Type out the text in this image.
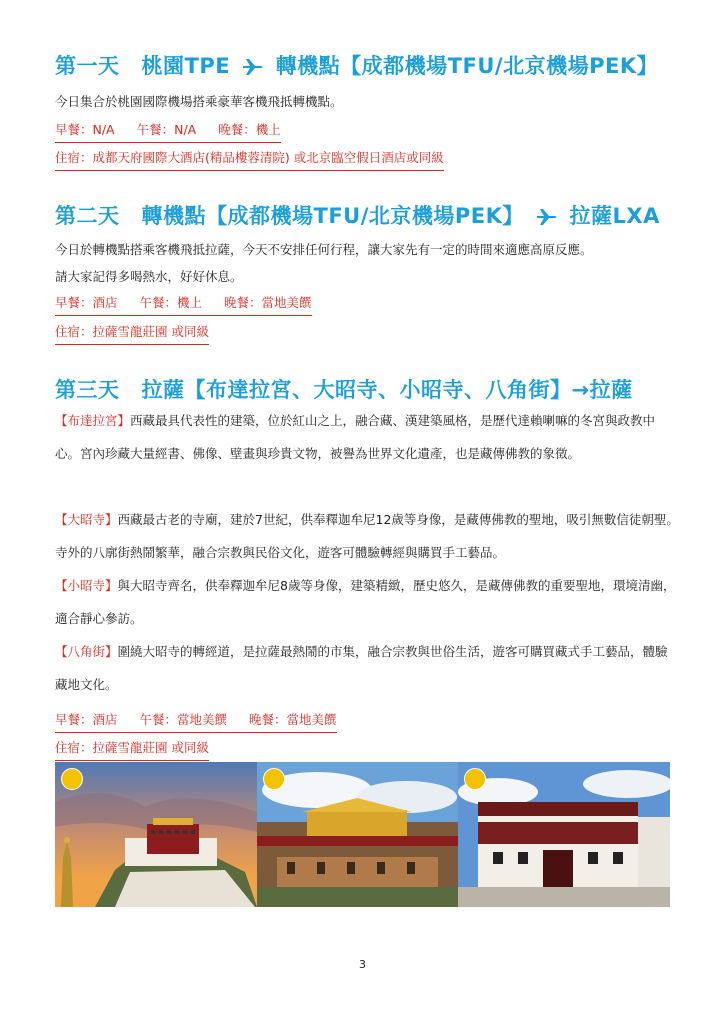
第一天 桃園TPE 轉機點【成都機場TFU/北京機場PEK】

今日集合於桃園國際機場搭乘豪華客機飛抵轉機點。

早餐：N/A 午餐：N/A 晚餐：機上

住宿：成都天府國際大酒店(精品樓蓉清院) 或北京臨空假日酒店或同級

第二天 轉機點【成都機場TFU/北京機場PEK】 拉薩LXA
今日於轉機點搭乘客機飛抵拉薩，今天不安排任何行程，讓大家先有一定的時間來適應高原反應。
請大家記得多喝熱水，好好休息。

早餐：酒店 午餐：機上 晚餐：當地美饌

住宿：拉薩雪龍莊園 或同級

第三天 拉薩【布達拉宮、大昭寺、小昭寺、八角街】→拉薩
【布達拉宮】西藏最具代表性的建築，位於紅山之上，融合藏、漢建築風格，是歷代達賴喇嘛的冬宮與政教中心。宮內珍藏大量經書、佛像、壁畫與珍貴文物，被譽為世界文化遺產，也是藏傳佛教的象徵。
【大昭寺】西藏最古老的寺廟，建於7世紀，供奉釋迦牟尼12歲等身像，是藏傳佛教的聖地，吸引無數信徒朝聖。寺外的八廓街熱鬧繁華，融合宗教與民俗文化，遊客可體驗轉經與購買手工藝品。
【小昭寺】與大昭寺齊名，供奉釋迦牟尼8歲等身像，建築精緻，歷史悠久，是藏傳佛教的重要聖地，環境清幽，適合靜心參訪。
【八角街】圍繞大昭寺的轉經道，是拉薩最熱鬧的市集，融合宗教與世俗生活，遊客可購買藏式手工藝品，體驗藏地文化。

早餐：酒店 午餐：當地美饌 晚餐：當地美饌

住宿：拉薩雪龍莊園 或同級

3
